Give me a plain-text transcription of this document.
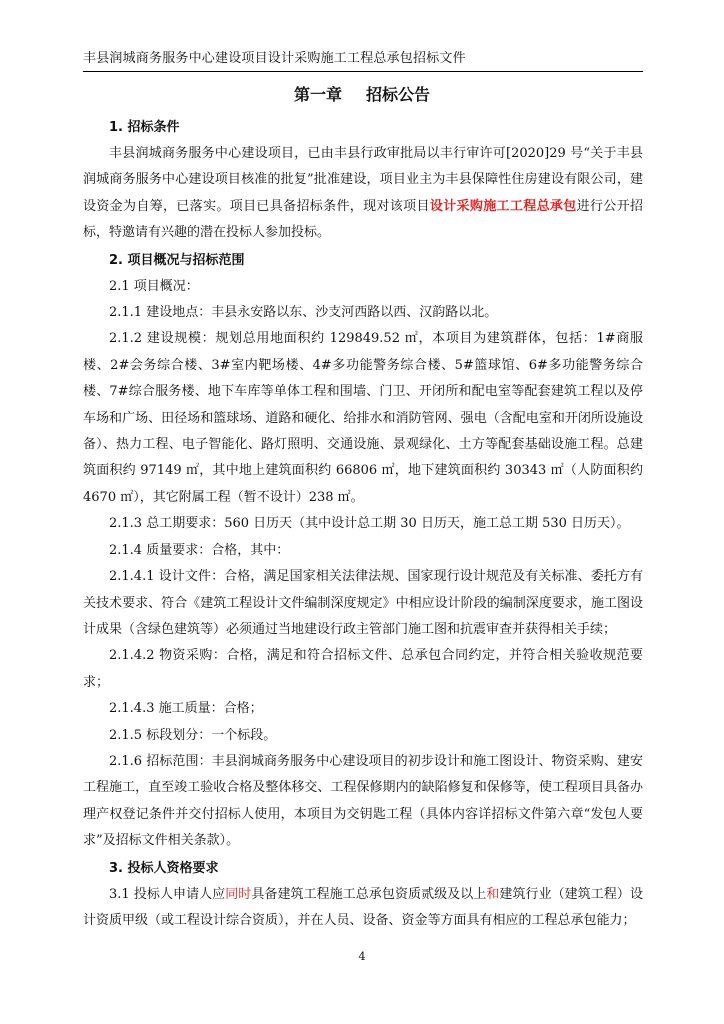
丰县润城商务服务中心建设项目设计采购施工工程总承包招标文件
第一章 招标公告
1. 招标条件
丰县润城商务服务中心建设项目，已由丰县行政审批局以丰行审许可[2020]29 号“关于丰县润城商务服务中心建设项目核准的批复”批准建设，项目业主为丰县保障性住房建设有限公司，建设资金为自筹，已落实。项目已具备招标条件，现对该项目设计采购施工工程总承包进行公开招标，特邀请有兴趣的潜在投标人参加投标。
2. 项目概况与招标范围
2.1 项目概况：
2.1.1 建设地点：丰县永安路以东、沙支河西路以西、汉韵路以北。
2.1.2 建设规模：规划总用地面积约 129849.52 ㎡，本项目为建筑群体，包括：1#商服楼、2#会务综合楼、3#室内靶场楼、4#多功能警务综合楼、5#篮球馆、6#多功能警务综合楼、7#综合服务楼、地下车库等单体工程和围墙、门卫、开闭所和配电室等配套建筑工程以及停车场和广场、田径场和篮球场、道路和硬化、给排水和消防管网、强电（含配电室和开闭所设施设备）、热力工程、电子智能化、路灯照明、交通设施、景观绿化、土方等配套基础设施工程。总建筑面积约 97149 ㎡，其中地上建筑面积约 66806 ㎡，地下建筑面积约 30343 ㎡（人防面积约 4670 ㎡），其它附属工程（暂不设计）238 ㎡。
2.1.3 总工期要求：560 日历天（其中设计总工期 30 日历天，施工总工期 530 日历天）。
2.1.4 质量要求：合格，其中：
2.1.4.1 设计文件：合格，满足国家相关法律法规、国家现行设计规范及有关标准、委托方有关技术要求、符合《建筑工程设计文件编制深度规定》中相应设计阶段的编制深度要求，施工图设计成果（含绿色建筑等）必须通过当地建设行政主管部门施工图和抗震审查并获得相关手续；
2.1.4.2 物资采购：合格，满足和符合招标文件、总承包合同约定，并符合相关验收规范要求；
2.1.4.3 施工质量：合格；
2.1.5 标段划分：一个标段。
2.1.6 招标范围：丰县润城商务服务中心建设项目的初步设计和施工图设计、物资采购、建安工程施工，直至竣工验收合格及整体移交、工程保修期内的缺陷修复和保修等，使工程项目具备办理产权登记条件并交付招标人使用，本项目为交钥匙工程（具体内容详招标文件第六章“发包人要求”及招标文件相关条款）。
3. 投标人资格要求
3.1 投标人申请人应同时具备建筑工程施工总承包资质贰级及以上和建筑行业（建筑工程）设计资质甲级（或工程设计综合资质），并在人员、设备、资金等方面具有相应的工程总承包能力；
4
